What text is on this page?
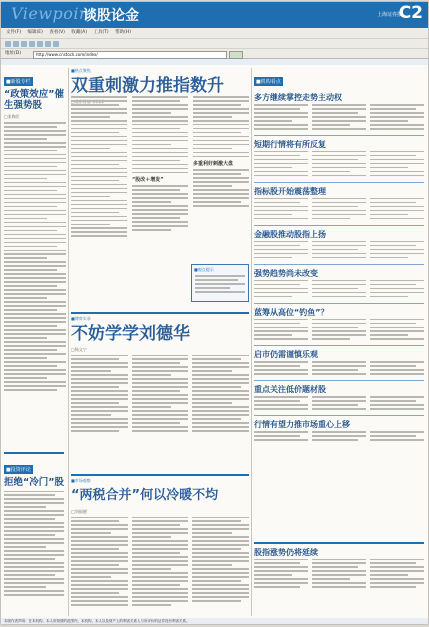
Viewpoint
谈股论金	上海证券报
C2
文件(F) 编辑(E) 查看(V) 收藏(A) 工具(T) 帮助(H)
地址(D)	http://www.cnstock.com/index/
■新股专栏
“政策效应”催生强势股
□张陶臣
■投资评论
拒绝“冷门”股
■热点聚焦
双重刺激力推指数升
“股改＋增发”
多重利好刺激大盘
■观点提示
■博弈实录
不妨学学刘德华
□杨文宁
■市场观察
“两税合并”何以冷暖不均
□刘福德
■机构看点
多方继续掌控走势主动权
短期行情将有所反复
指标股开始震荡整理
金融股推动股指上扬
强势趋势尚未改变
蓝筹从高位“钓鱼”？
启市仍需谨慎乐观
重点关注低价题材股
行情有望力推市场重心上移
股指涨势仍将延续
本版作者声明：在本机构、本人所知情的范围内，本机构、本人以及财产上的利害关系人与所评价的证券没有利害关系。
